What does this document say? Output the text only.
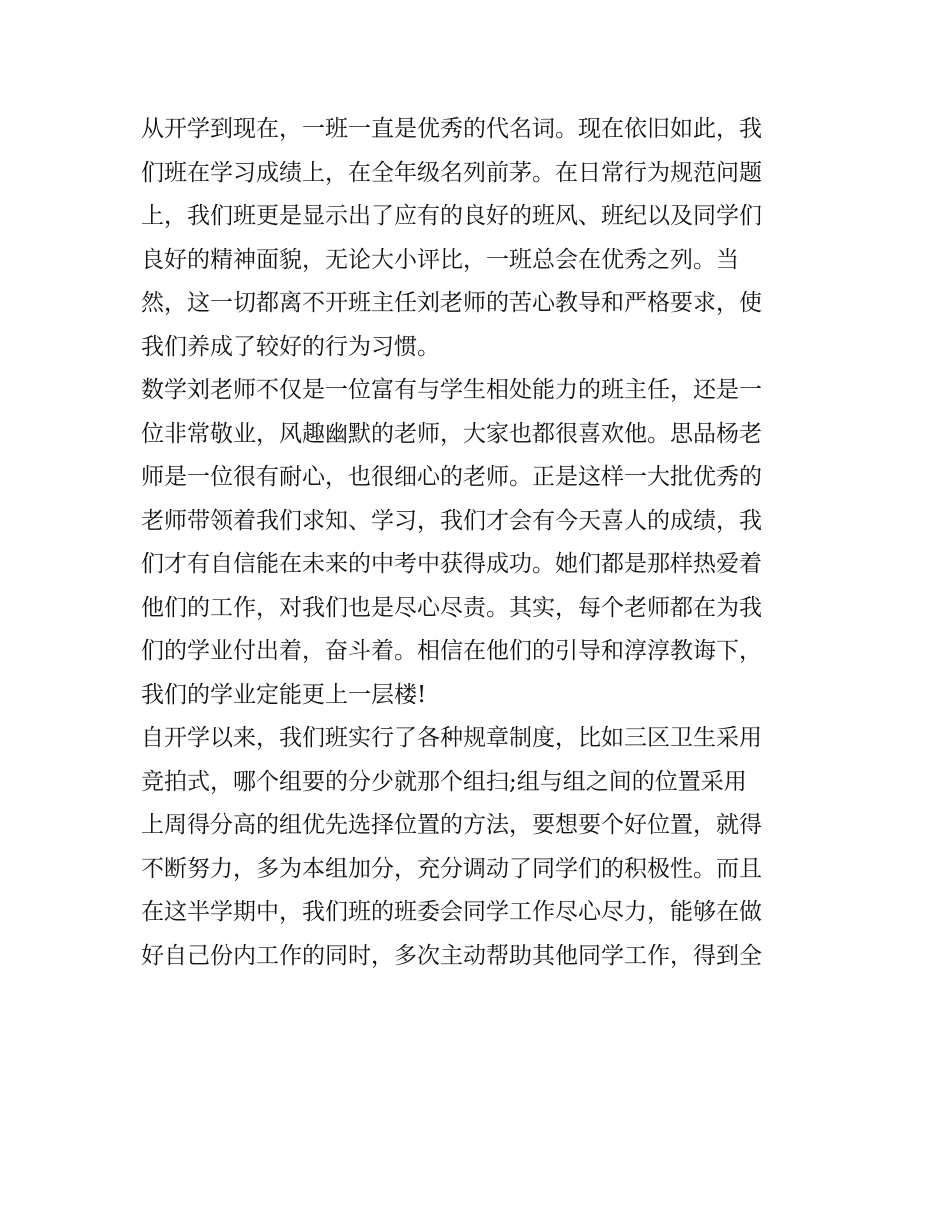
从开学到现在，一班一直是优秀的代名词。现在依旧如此，我
们班在学习成绩上，在全年级名列前茅。在日常行为规范问题
上，我们班更是显示出了应有的良好的班风、班纪以及同学们
良好的精神面貌，无论大小评比，一班总会在优秀之列。当
然，这一切都离不开班主任刘老师的苦心教导和严格要求，使
我们养成了较好的行为习惯。
数学刘老师不仅是一位富有与学生相处能力的班主任，还是一
位非常敬业，风趣幽默的老师，大家也都很喜欢他。思品杨老
师是一位很有耐心，也很细心的老师。正是这样一大批优秀的
老师带领着我们求知、学习，我们才会有今天喜人的成绩，我
们才有自信能在未来的中考中获得成功。她们都是那样热爱着
他们的工作，对我们也是尽心尽责。其实，每个老师都在为我
们的学业付出着，奋斗着。相信在他们的引导和淳淳教诲下，
我们的学业定能更上一层楼!
自开学以来，我们班实行了各种规章制度，比如三区卫生采用
竞拍式，哪个组要的分少就那个组扫;组与组之间的位置采用
上周得分高的组优先选择位置的方法，要想要个好位置，就得
不断努力，多为本组加分，充分调动了同学们的积极性。而且
在这半学期中，我们班的班委会同学工作尽心尽力，能够在做
好自己份内工作的同时，多次主动帮助其他同学工作，得到全
